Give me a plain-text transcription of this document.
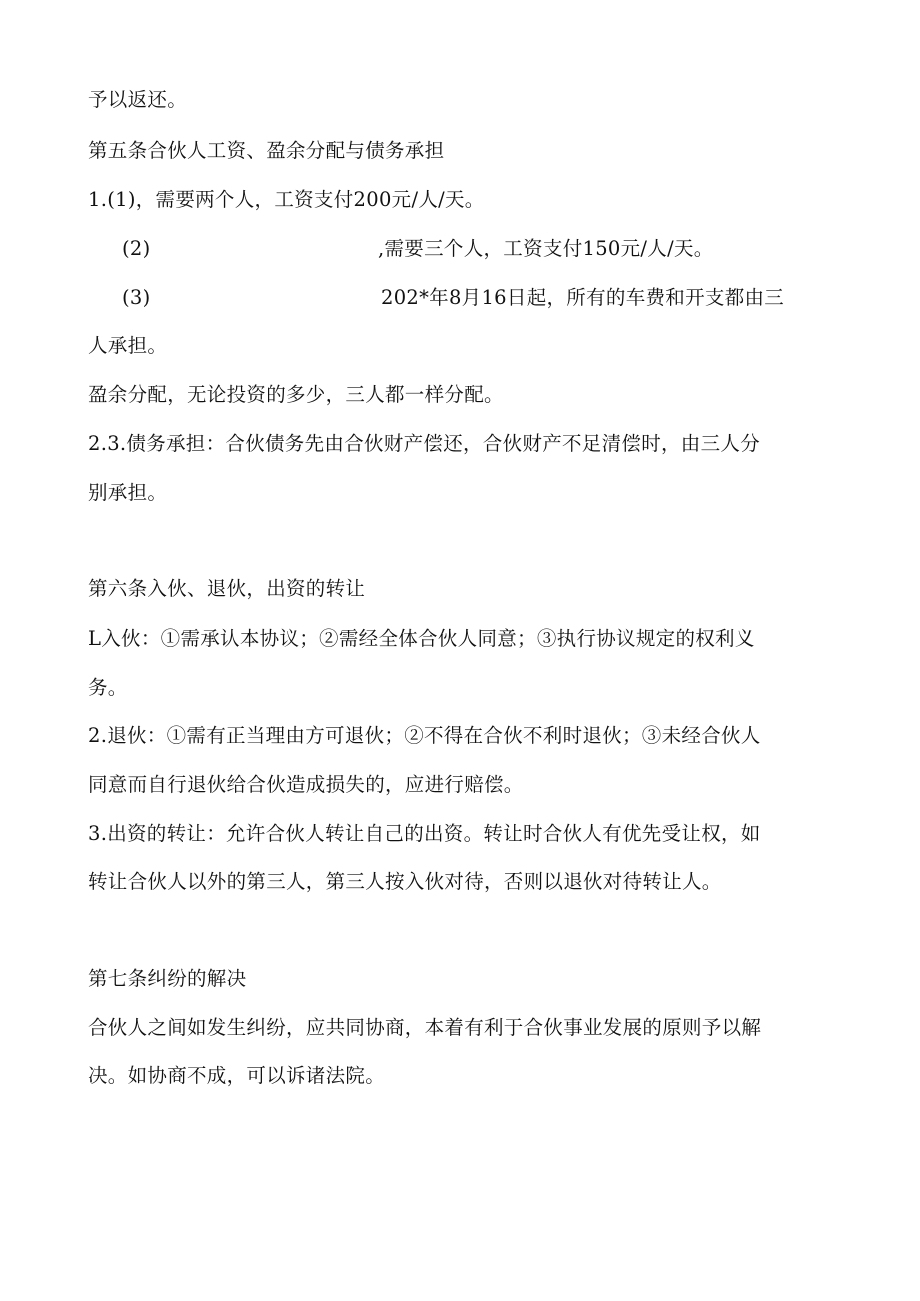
予以返还。
第五条合伙人工资、盈余分配与债务承担
1.(1)，需要两个人，工资支付200元/人/天。
(2)	,需要三个人，工资支付150元/人/天。
(3)	202*年8月16日起，所有的车费和开支都由三
人承担。
盈余分配，无论投资的多少，三人都一样分配。
2.3.债务承担：合伙债务先由合伙财产偿还，合伙财产不足清偿时，由三人分
别承担。
第六条入伙、退伙，出资的转让
L入伙：①需承认本协议；②需经全体合伙人同意；③执行协议规定的权利义
务。
2.退伙：①需有正当理由方可退伙；②不得在合伙不利时退伙；③未经合伙人
同意而自行退伙给合伙造成损失的，应进行赔偿。
3.出资的转让：允许合伙人转让自己的出资。转让时合伙人有优先受让权，如
转让合伙人以外的第三人，第三人按入伙对待，否则以退伙对待转让人。
第七条纠纷的解决
合伙人之间如发生纠纷，应共同协商，本着有利于合伙事业发展的原则予以解
决。如协商不成，可以诉诸法院。
